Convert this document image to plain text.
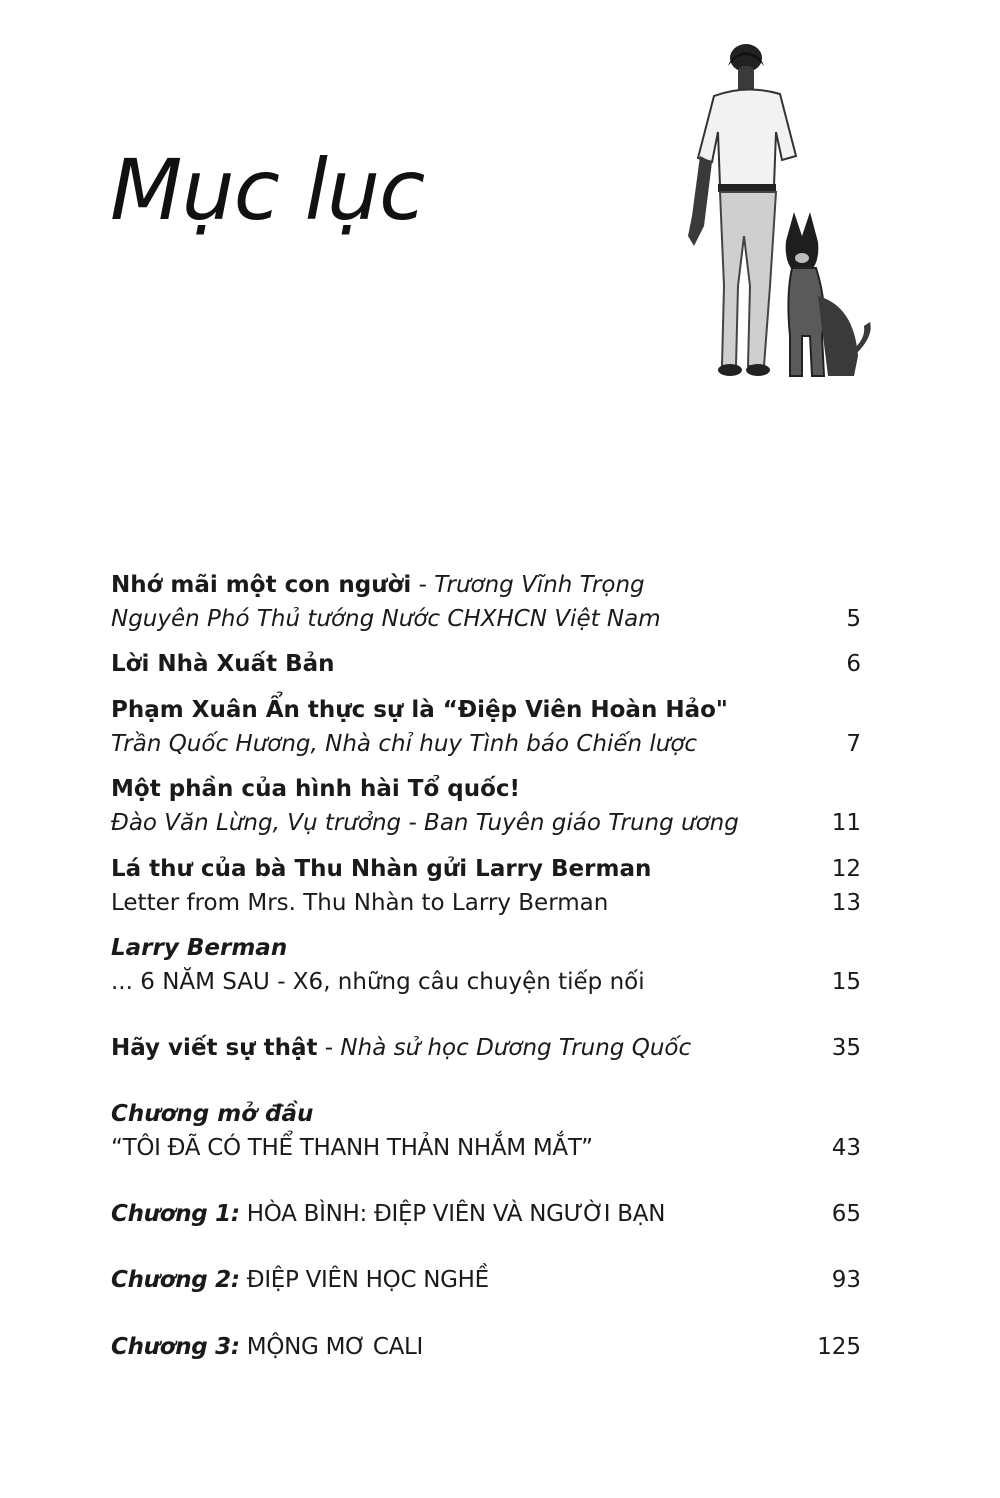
Mục lục
Nhớ mãi một con người - Trương Vĩnh Trọng
Nguyên Phó Thủ tướng Nước CHXHCN Việt Nam	5
Lời Nhà Xuất Bản	6
Phạm Xuân Ẩn thực sự là “Điệp Viên Hoàn Hảo"
Trần Quốc Hương, Nhà chỉ huy Tình báo Chiến lược	7
Một phần của hình hài Tổ quốc!
Đào Văn Lừng, Vụ trưởng - Ban Tuyên giáo Trung ương	11
Lá thư của bà Thu Nhàn gửi Larry Berman	12
Letter from Mrs. Thu Nhàn to Larry Berman	13
Larry Berman
... 6 NĂM SAU - X6, những câu chuyện tiếp nối	15
Hãy viết sự thật - Nhà sử học Dương Trung Quốc	35
Chương mở đầu
“TÔI ĐÃ CÓ THỂ THANH THẢN NHẮM MẮT”	43
Chương 1: HÒA BÌNH: ĐIỆP VIÊN VÀ NGƯỜI BẠN	65
Chương 2: ĐIỆP VIÊN HỌC NGHỀ	93
Chương 3: MỘNG MƠ CALI	125
